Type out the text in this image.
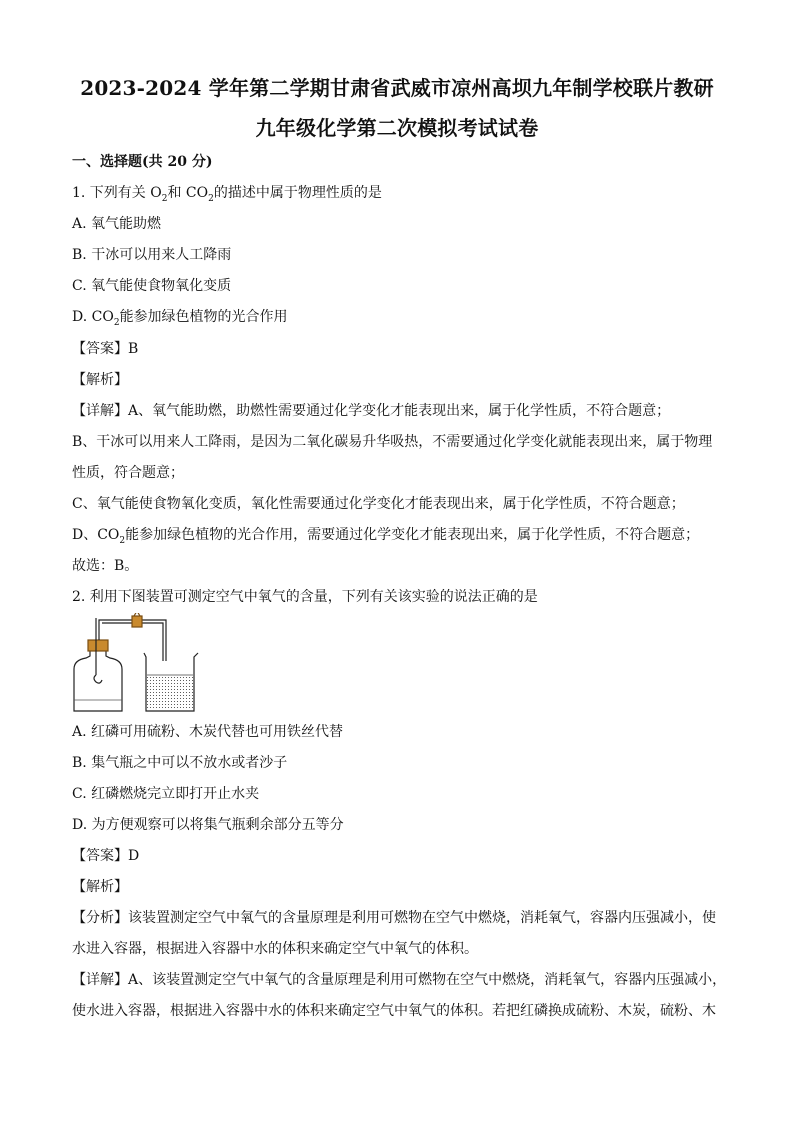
2023-2024 学年第二学期甘肃省武威市凉州高坝九年制学校联片教研
九年级化学第二次模拟考试试卷
一、选择题(共 20 分)
1. 下列有关 $O_2$和 $CO_2$的描述中属于物理性质的是
A. 氧气能助燃
B. 干冰可以用来人工降雨
C. 氧气能使食物氧化变质
D. $CO_2$能参加绿色植物的光合作用
【答案】B
【解析】
【详解】A、氧气能助燃，助燃性需要通过化学变化才能表现出来，属于化学性质，不符合题意；
B、干冰可以用来人工降雨，是因为二氧化碳易升华吸热，不需要通过化学变化就能表现出来，属于物理
性质，符合题意；
C、氧气能使食物氧化变质，氧化性需要通过化学变化才能表现出来，属于化学性质，不符合题意；
D、$CO_2$能参加绿色植物的光合作用，需要通过化学变化才能表现出来，属于化学性质，不符合题意；
故选：B。
2. 利用下图装置可测定空气中氧气的含量，下列有关该实验的说法正确的是
A. 红磷可用硫粉、木炭代替也可用铁丝代替
B. 集气瓶之中可以不放水或者沙子
C. 红磷燃烧完立即打开止水夹
D. 为方便观察可以将集气瓶剩余部分五等分
【答案】D
【解析】
【分析】该装置测定空气中氧气的含量原理是利用可燃物在空气中燃烧，消耗氧气，容器内压强减小，使
水进入容器，根据进入容器中水的体积来确定空气中氧气的体积。
【详解】A、该装置测定空气中氧气的含量原理是利用可燃物在空气中燃烧，消耗氧气，容器内压强减小，
使水进入容器，根据进入容器中水的体积来确定空气中氧气的体积。若把红磷换成硫粉、木炭，硫粉、木
